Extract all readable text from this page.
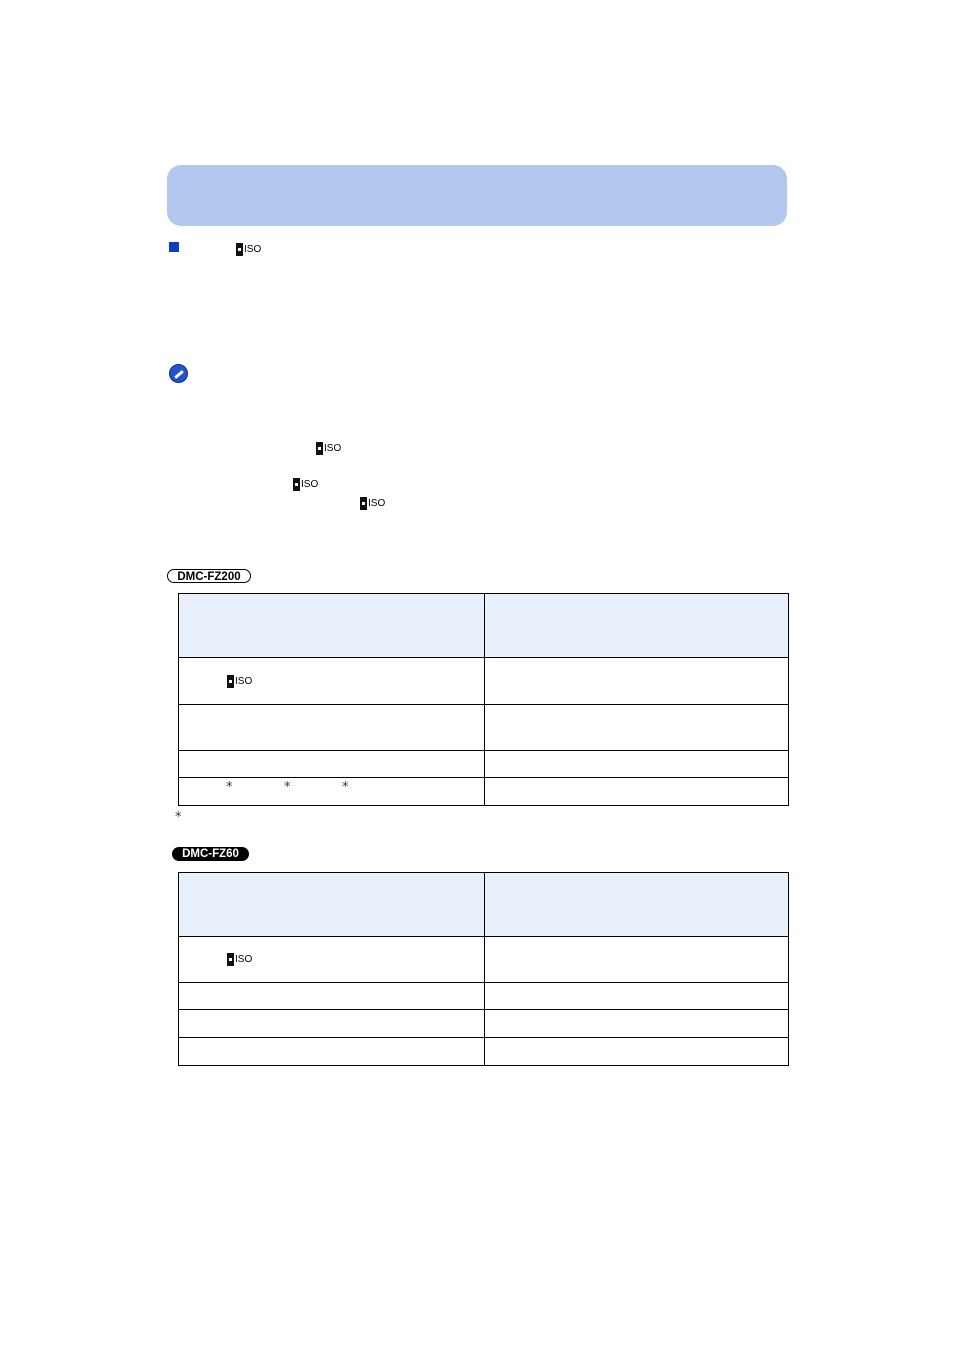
ISO
ISO
ISO
ISO
DMC-FZ200

ISO	

* * *	

*
DMC-FZ60

ISO	
